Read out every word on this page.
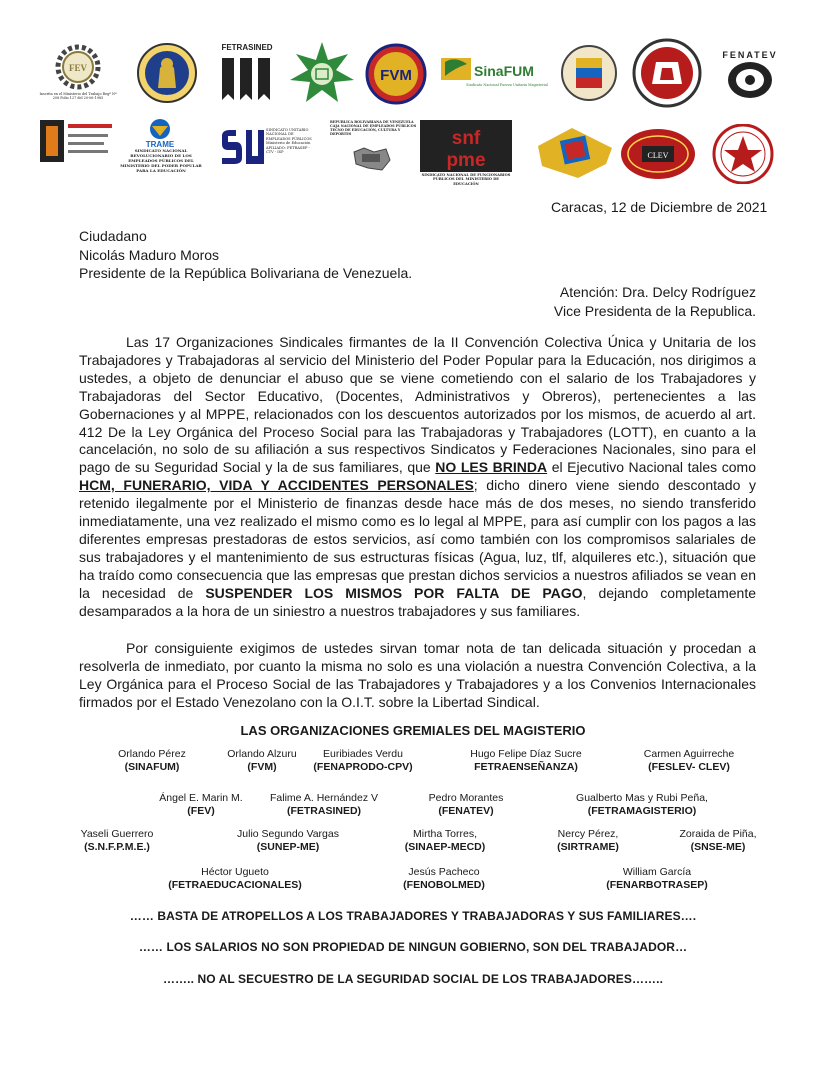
FEV
Inscrita en el Ministerio del Trabajo Regº Nº 208 Folio 127 del 20-06-1985
FETRASINED
FVM	SinaFUM
Sindicato Nacional Fuerza Unitaria Magisterial
FENATEV
TRAME
SINDICATO NACIONAL REVOLUCIONARIO DE LOS EMPLEADOS PÚBLICOS DEL MINISTERIO DEL PODER POPULAR PARA LA EDUCACIÓN
SINDICATO UNITARIO NACIONAL DE EMPLEADOS PÚBLICOS Ministerio de Educación AFILIADO: FETRASEP - CTV - ISP
REPÚBLICA BOLIVARIANA DE VENEZUELA CAJA NACIONAL DE EMPLEADOS PÚBLICOS TECNO DE EDUCACIÓN, CULTURA Y DEPORTES	snf
pme
SINDICATO NACIONAL DE FUNCIONARIOS PÚBLICOS DEL MINISTERIO DE EDUCACIÓN
CLEV
Caracas, 12 de Diciembre de 2021
Ciudadano
Nicolás Maduro Moros
Presidente de la República Bolivariana de Venezuela.
Atención: Dra. Delcy Rodríguez
Vice Presidenta de la Republica.

Las 17 Organizaciones Sindicales firmantes de la II Convención Colectiva Única y Unitaria de los Trabajadores y Trabajadoras al servicio del Ministerio del Poder Popular para la Educación, nos dirigimos a ustedes, a objeto de denunciar el abuso que se viene cometiendo con el salario de los Trabajadores y Trabajadoras del Sector Educativo, (Docentes, Administrativos y Obreros), pertenecientes a las Gobernaciones y al MPPE, relacionados con los descuentos autorizados por los mismos, de acuerdo al art. 412 De la Ley Orgánica del Proceso Social para las Trabajadoras y Trabajadores (LOTT), en cuanto a la cancelación, no solo de su afiliación a sus respectivos Sindicatos y Federaciones Nacionales, sino para el pago de su Seguridad Social y la de sus familiares, que NO LES BRINDA el Ejecutivo Nacional tales como HCM, FUNERARIO, VIDA Y ACCIDENTES PERSONALES; dicho dinero viene siendo descontado y retenido ilegalmente por el Ministerio de finanzas desde hace más de dos meses, no siendo transferido inmediatamente, una vez realizado el mismo como es lo legal al MPPE, para así cumplir con los pagos a las diferentes empresas prestadoras de estos servicios, así como también con los compromisos salariales de sus trabajadores y el mantenimiento de sus estructuras físicas (Agua, luz, tlf, alquileres etc.), situación que ha traído como consecuencia que las empresas que prestan dichos servicios a nuestros afiliados se vean en la necesidad de SUSPENDER LOS MISMOS POR FALTA DE PAGO, dejando completamente desamparados a la hora de un siniestro a nuestros trabajadores y sus familiares.

Por consiguiente exigimos de ustedes sirvan tomar nota de tan delicada situación y procedan a resolverla de inmediato, por cuanto la misma no solo es una violación a nuestra Convención Colectiva, a la Ley Orgánica para el Proceso Social de las Trabajadores y Trabajadores y a los Convenios Internacionales firmados por el Estado Venezolano con la O.I.T. sobre la Libertad Sindical.

LAS ORGANIZACIONES GREMIALES DEL MAGISTERIO
Orlando Pérez
(SINAFUM)
Orlando Alzuru
(FVM)
Euribiades Verdu
(FENAPRODO-CPV)
Hugo Felipe Díaz Sucre
FETRAENSEÑANZA)
Carmen Aguirreche
(FESLEV- CLEV)
Ángel E. Marin M.
(FEV)
Falime A. Hernández V
(FETRASINED)
Pedro Morantes
(FENATEV)
Gualberto Mas y Rubi Peña,
(FETRAMAGISTERIO)
Yaseli Guerrero
(S.N.F.P.M.E.)
Julio Segundo Vargas
(SUNEP-ME)
Mirtha Torres,
(SINAEP-MECD)
Nercy Pérez,
(SIRTRAME)
Zoraida de Piña,
(SNSE-ME)
Héctor Ugueto
(FETRAEDUCACIONALES)
Jesús Pacheco
(FENOBOLMED)
William García
(FENARBOTRASEP)
…… BASTA DE ATROPELLOS A LOS TRABAJADORES Y TRABAJADORAS Y SUS FAMILIARES….
…… LOS SALARIOS NO SON PROPIEDAD DE NINGUN GOBIERNO, SON DEL TRABAJADOR…
…….. NO AL SECUESTRO DE LA SEGURIDAD SOCIAL DE LOS TRABAJADORES……..
